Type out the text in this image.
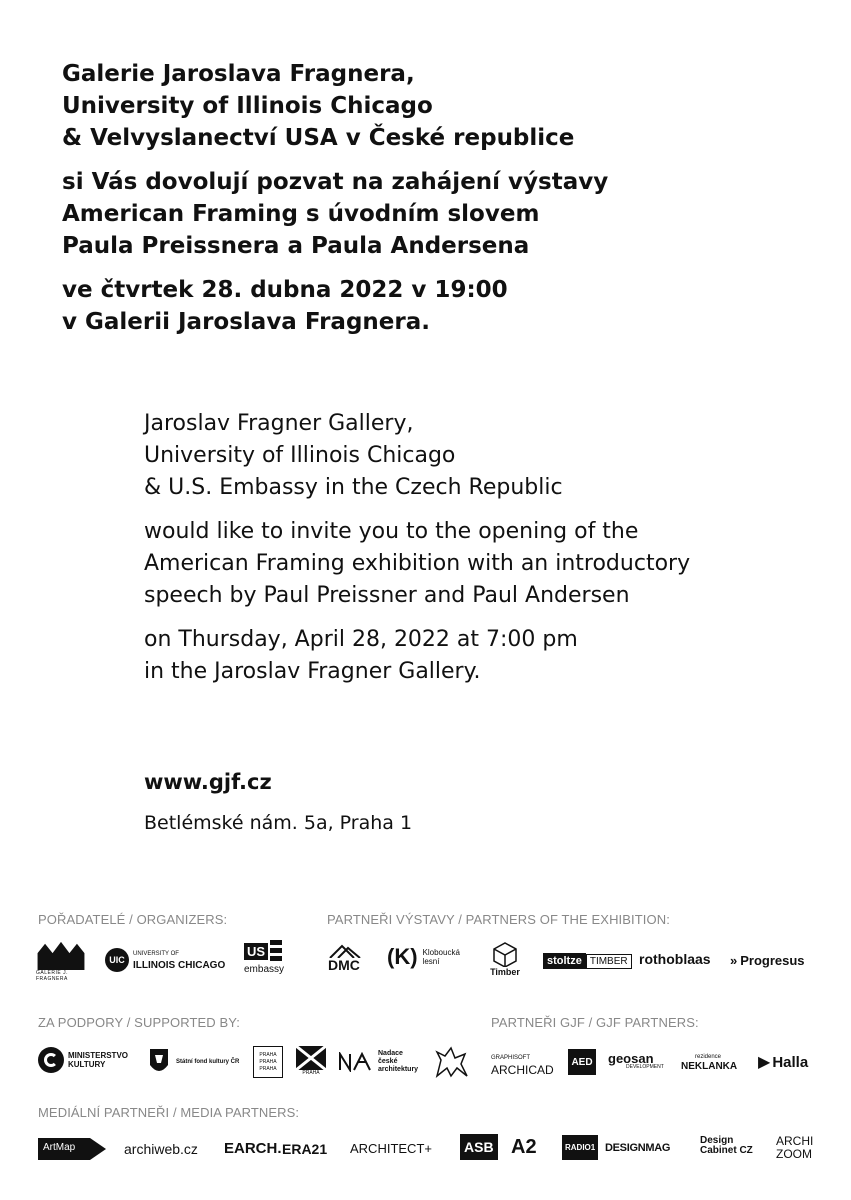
Galerie Jaroslava Fragnera,
University of Illinois Chicago
& Velvyslanectví USA v České republice

si Vás dovolují pozvat na zahájení výstavy
American Framing s úvodním slovem
Paula Preissnera a Paula Andersena

ve čtvrtek 28. dubna 2022 v 19:00
v Galerii Jaroslava Fragnera.

Jaroslav Fragner Gallery,
University of Illinois Chicago
& U.S. Embassy in the Czech Republic

would like to invite you to the opening of the
American Framing exhibition with an introductory
speech by Paul Preissner and Paul Andersen

on Thursday, April 28, 2022 at 7:00 pm
in the Jaroslav Fragner Gallery.

www.gjf.cz
Betlémské nám. 5a, Praha 1
POŘADATELÉ / ORGANIZERS:	PARTNEŘI VÝSTAVY / PARTNERS OF THE EXHIBITION:
ZA PODPORY / SUPPORTED BY:	PARTNEŘI GJF / GJF PARTNERS:
MEDIÁLNÍ PARTNEŘI / MEDIA PARTNERS:
GALERIE J. FRAGNERA
UIC
UNIVERSITY OF
ILLINOIS CHICAGO
US
embassy	DMC (K) Kloboucká
lesní
Timber
stoltze TIMBER rothoblaas » Progresus
MINISTERSTVO
KULTURY	Státní fond kultury ČR
PRAHA
PRAHA
PRAHA
PRAHA
Nadace
české
architektury
GRAPHISOFT
ARCHICAD
AED geosan
DEVELOPMENT
rezidence
NEKLANKA ▶ Halla
ArtMap	archiweb.cz EARCH. ERA21 ARCHITECT+ ASB A2	RADIO1 DESIGNMAG
Design
Cabinet CZ
ARCHI
ZOOM
